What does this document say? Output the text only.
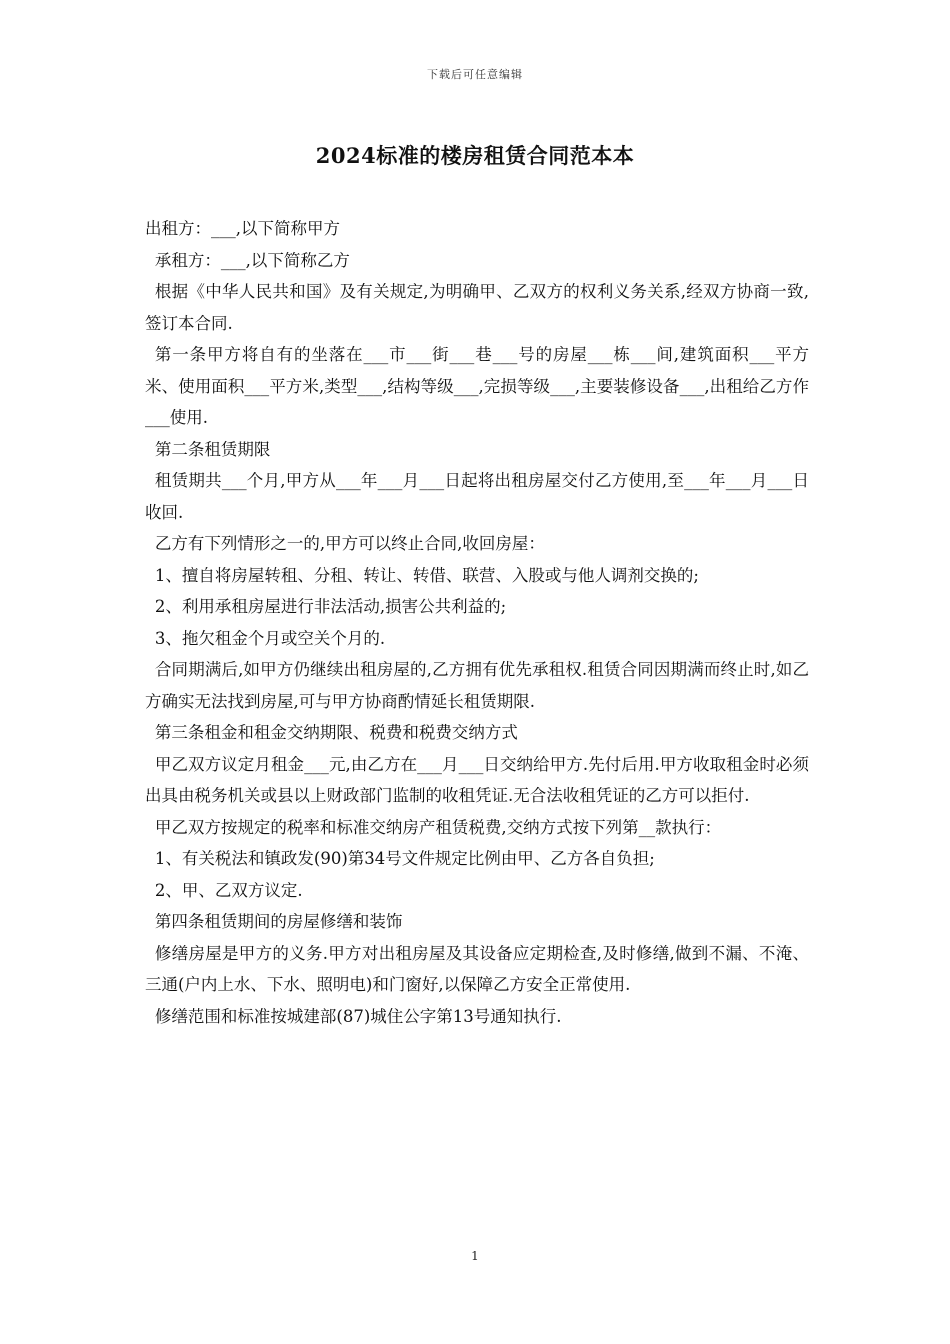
下载后可任意编辑
2024标准的楼房租赁合同范本本

出租方：___,以下简称甲方

承租方：___,以下简称乙方

根据《中华人民共和国》及有关规定,为明确甲、乙双方的权利义务关系,经双方协商一致,签订本合同.

第一条甲方将自有的坐落在___市___街___巷___号的房屋___栋___间,建筑面积___平方米、使用面积___平方米,类型___,结构等级___,完损等级___,主要装修设备___,出租给乙方作___使用.

第二条租赁期限

租赁期共___个月,甲方从___年___月___日起将出租房屋交付乙方使用,至___年___月___日收回.

乙方有下列情形之一的,甲方可以终止合同,收回房屋：

1、擅自将房屋转租、分租、转让、转借、联营、入股或与他人调剂交换的;

2、利用承租房屋进行非法活动,损害公共利益的;

3、拖欠租金个月或空关个月的.

合同期满后,如甲方仍继续出租房屋的,乙方拥有优先承租权.租赁合同因期满而终止时,如乙方确实无法找到房屋,可与甲方协商酌情延长租赁期限.

第三条租金和租金交纳期限、税费和税费交纳方式

甲乙双方议定月租金___元,由乙方在___月___日交纳给甲方.先付后用.甲方收取租金时必须出具由税务机关或县以上财政部门监制的收租凭证.无合法收租凭证的乙方可以拒付.

甲乙双方按规定的税率和标准交纳房产租赁税费,交纳方式按下列第__款执行：

1、有关税法和镇政发(90)第34号文件规定比例由甲、乙方各自负担;

2、甲、乙双方议定.

第四条租赁期间的房屋修缮和装饰

修缮房屋是甲方的义务.甲方对出租房屋及其设备应定期检查,及时修缮,做到不漏、不淹、三通(户内上水、下水、照明电)和门窗好,以保障乙方安全正常使用.

修缮范围和标准按城建部(87)城住公字第13号通知执行.

1
